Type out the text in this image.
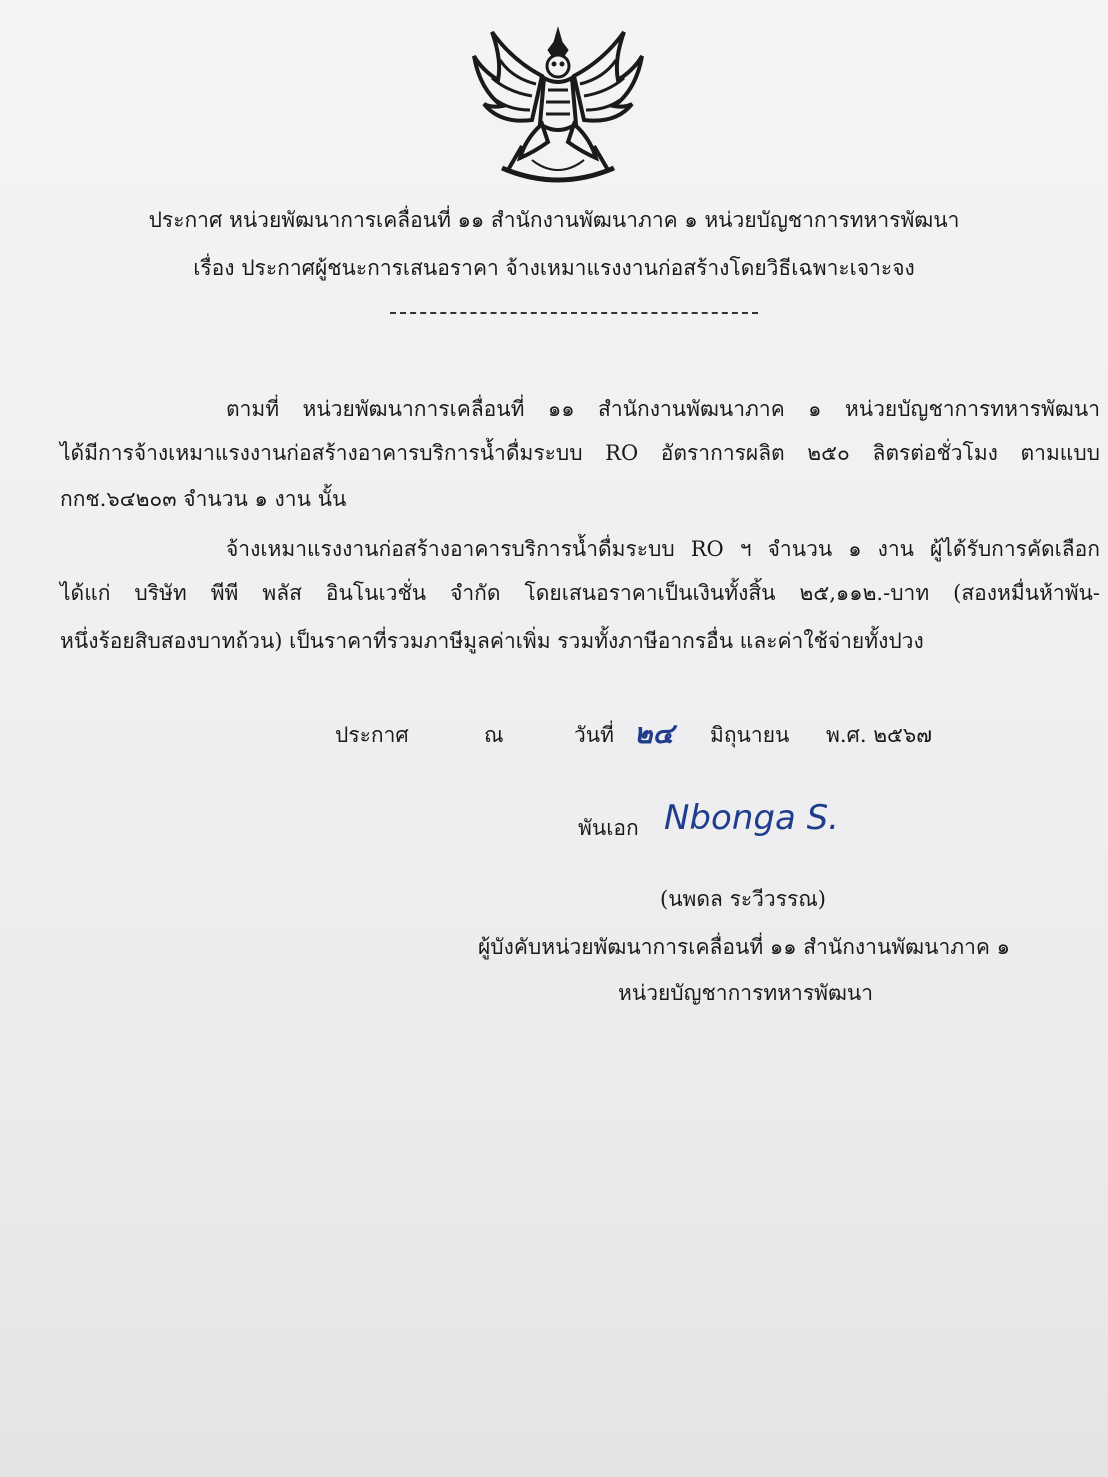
ประกาศ หน่วยพัฒนาการเคลื่อนที่ ๑๑ สำนักงานพัฒนาภาค ๑ หน่วยบัญชาการทหารพัฒนา
เรื่อง ประกาศผู้ชนะการเสนอราคา จ้างเหมาแรงงานก่อสร้างโดยวิธีเฉพาะเจาะจง
ตามที่ หน่วยพัฒนาการเคลื่อนที่ ๑๑ สำนักงานพัฒนาภาค ๑ หน่วยบัญชาการทหารพัฒนา
ได้มีการจ้างเหมาแรงงานก่อสร้างอาคารบริการน้ำดื่มระบบ RO อัตราการผลิต ๒๕๐ ลิตรต่อชั่วโมง ตามแบบ
กกช.๖๔๒๐๓ จำนวน ๑ งาน นั้น
จ้างเหมาแรงงานก่อสร้างอาคารบริการน้ำดื่มระบบ RO ฯ จำนวน ๑ งาน ผู้ได้รับการคัดเลือก
ได้แก่ บริษัท พีพี พลัส อินโนเวชั่น จำกัด โดยเสนอราคาเป็นเงินทั้งสิ้น ๒๕,๑๑๒.-บาท (สองหมื่นห้าพัน-
หนึ่งร้อยสิบสองบาทถ้วน) เป็นราคาที่รวมภาษีมูลค่าเพิ่ม รวมทั้งภาษีอากรอื่น และค่าใช้จ่ายทั้งปวง
ประกาศ	ณ	วันที่ ๒๔ มิถุนายน พ.ศ. ๒๕๖๗
พันเอก Nbonga S.
(นพดล ระวีวรรณ)
ผู้บังคับหน่วยพัฒนาการเคลื่อนที่ ๑๑ สำนักงานพัฒนาภาค ๑
หน่วยบัญชาการทหารพัฒนา
